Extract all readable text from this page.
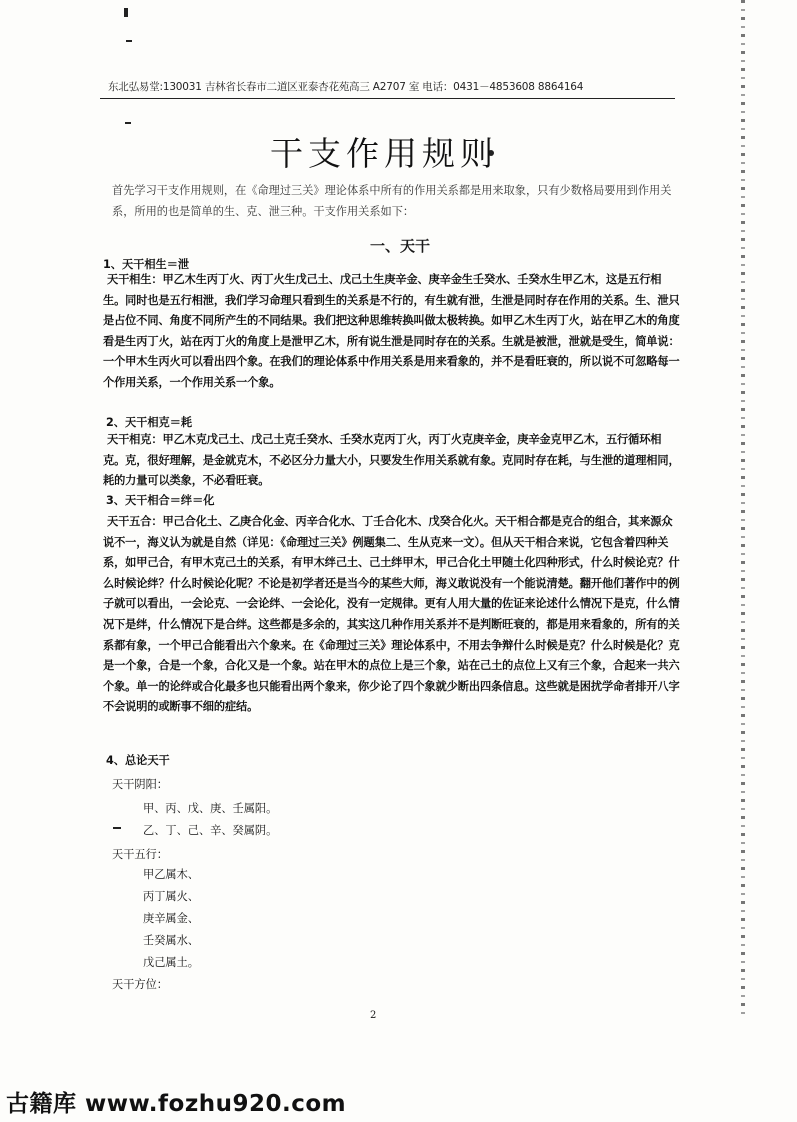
东北弘易堂:130031 吉林省长春市二道区亚泰杏花苑高三 A2707 室 电话：0431－4853608 8864164
干支作用规则
首先学习干支作用规则，在《命理过三关》理论体系中所有的作用关系都是用来取象，只有少数格局要用到作用关系，所用的也是简单的生、克、泄三种。干支作用关系如下：
一、天干
1、天干相生＝泄
天干相生：甲乙木生丙丁火、丙丁火生戊己土、戊己土生庚辛金、庚辛金生壬癸水、壬癸水生甲乙木，这是五行相生。同时也是五行相泄，我们学习命理只看到生的关系是不行的，有生就有泄，生泄是同时存在作用的关系。生、泄只是占位不同、角度不同所产生的不同结果。我们把这种思维转换叫做太极转换。如甲乙木生丙丁火，站在甲乙木的角度看是生丙丁火，站在丙丁火的角度上是泄甲乙木，所有说生泄是同时存在的关系。生就是被泄，泄就是受生，简单说：一个甲木生丙火可以看出四个象。在我们的理论体系中作用关系是用来看象的，并不是看旺衰的，所以说不可忽略每一个作用关系，一个作用关系一个象。
2、天干相克＝耗
天干相克：甲乙木克戊己土、戊己土克壬癸水、壬癸水克丙丁火，丙丁火克庚辛金，庚辛金克甲乙木，五行循环相克。克，很好理解，是金就克木，不必区分力量大小，只要发生作用关系就有象。克同时存在耗，与生泄的道理相同，耗的力量可以类象，不必看旺衰。
3、天干相合＝绊＝化
天干五合：甲己合化土、乙庚合化金、丙辛合化水、丁壬合化木、戊癸合化火。天干相合都是克合的组合，其来源众说不一，海义认为就是自然（详见：《命理过三关》例题集二、生从克来一文）。但从天干相合来说，它包含着四种关系，如甲己合，有甲木克己土的关系，有甲木绊己土、己土绊甲木，甲己合化土甲随土化四种形式，什么时候论克？什么时候论绊？什么时候论化呢？不论是初学者还是当今的某些大师，海义敢说没有一个能说清楚。翻开他们著作中的例子就可以看出，一会论克、一会论绊、一会论化，没有一定规律。更有人用大量的佐证来论述什么情况下是克，什么情况下是绊，什么情况下是合绊。这些都是多余的，其实这几种作用关系并不是判断旺衰的，都是用来看象的，所有的关系都有象，一个甲己合能看出六个象来。在《命理过三关》理论体系中，不用去争辩什么时候是克？什么时候是化？克是一个象，合是一个象，合化又是一个象。站在甲木的点位上是三个象，站在己土的点位上又有三个象，合起来一共六个象。单一的论绊或合化最多也只能看出两个象来，你少论了四个象就少断出四条信息。这些就是困扰学命者排开八字不会说明的或断事不细的症结。
4、总论天干
天干阴阳：
甲、丙、戊、庚、壬属阳。
乙、丁、己、辛、癸属阴。
天干五行：
甲乙属木、
丙丁属火、
庚辛属金、
壬癸属水、
戊己属土。
天干方位：
2
古籍库 www.fozhu920.com
